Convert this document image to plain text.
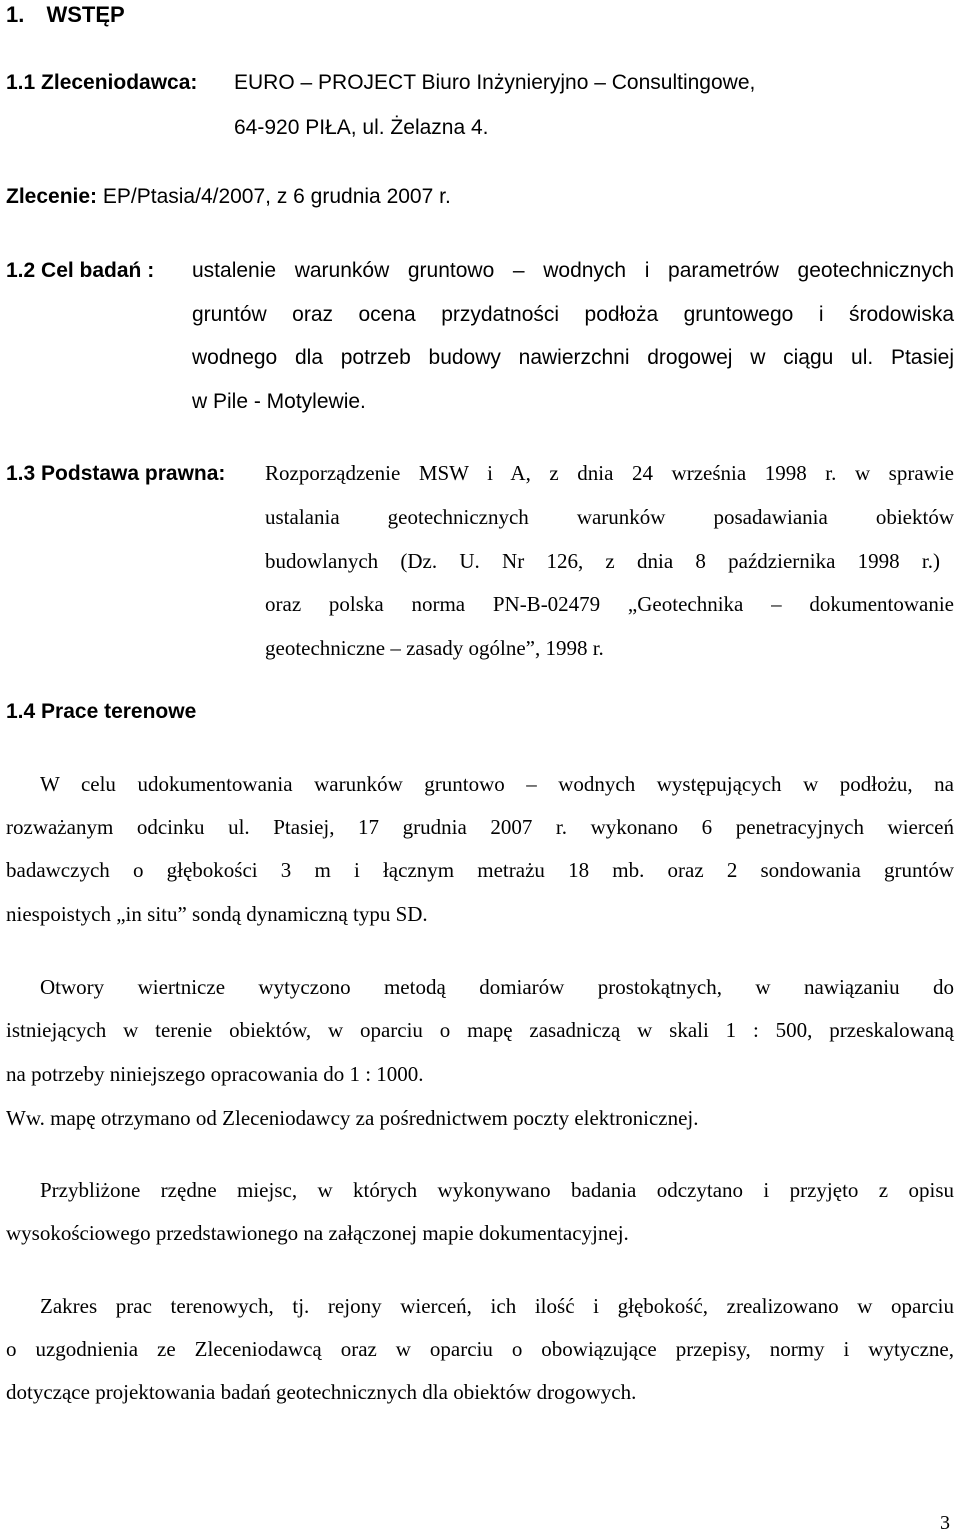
1. WSTĘP
1.1 Zleceniodawca: EURO – PROJECT Biuro Inżynieryjno – Consultingowe,
64-920 PIŁA, ul. Żelazna 4.
Zlecenie: EP/Ptasia/4/2007, z 6 grudnia 2007 r.
1.2 Cel badań : ustalenie warunków gruntowo – wodnych i parametrów geotechnicznych
gruntów oraz ocena przydatności podłoża gruntowego i środowiska
wodnego dla potrzeb budowy nawierzchni drogowej w ciągu ul. Ptasiej
w Pile - Motylewie.
1.3 Podstawa prawna: Rozporządzenie MSW i A, z dnia 24 września 1998 r. w sprawie
ustalania geotechnicznych warunków posadawiania obiektów
budowlanych (Dz. U. Nr 126, z dnia 8 października 1998 r.)
oraz polska norma PN-B-02479 „Geotechnika – dokumentowanie
geotechniczne – zasady ogólne”, 1998 r.
1.4 Prace terenowe
W celu udokumentowania warunków gruntowo – wodnych występujących w podłożu, na
rozważanym odcinku ul. Ptasiej, 17 grudnia 2007 r. wykonano 6 penetracyjnych wierceń
badawczych o głębokości 3 m i łącznym metrażu 18 mb. oraz 2 sondowania gruntów
niespoistych „in situ” sondą dynamiczną typu SD.
Otwory wiertnicze wytyczono metodą domiarów prostokątnych, w nawiązaniu do
istniejących w terenie obiektów, w oparciu o mapę zasadniczą w skali 1 : 500, przeskalowaną
na potrzeby niniejszego opracowania do 1 : 1000.
Ww. mapę otrzymano od Zleceniodawcy za pośrednictwem poczty elektronicznej.
Przybliżone rzędne miejsc, w których wykonywano badania odczytano i przyjęto z opisu
wysokościowego przedstawionego na załączonej mapie dokumentacyjnej.
Zakres prac terenowych, tj. rejony wierceń, ich ilość i głębokość, zrealizowano w oparciu
o uzgodnienia ze Zleceniodawcą oraz w oparciu o obowiązujące przepisy, normy i wytyczne,
dotyczące projektowania badań geotechnicznych dla obiektów drogowych.
3
